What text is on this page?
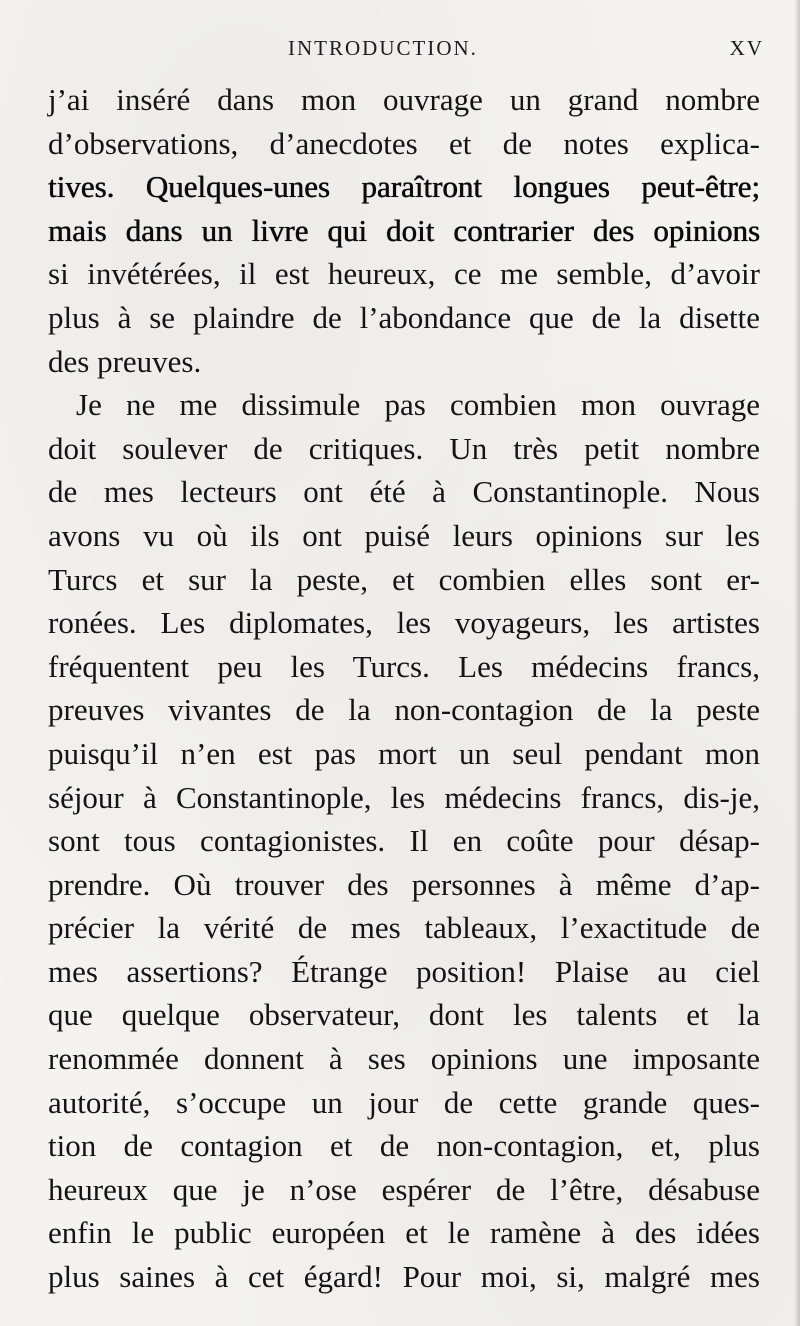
INTRODUCTION.	XV
j’ai inséré dans mon ouvrage un grand nombre
d’observations, d’anecdotes et de notes explica-
tives. Quelques-unes paraîtront longues peut-être;
mais dans un livre qui doit contrarier des opinions
si invétérées, il est heureux, ce me semble, d’avoir
plus à se plaindre de l’abondance que de la disette
des preuves.
Je ne me dissimule pas combien mon ouvrage
doit soulever de critiques. Un très petit nombre
de mes lecteurs ont été à Constantinople. Nous
avons vu où ils ont puisé leurs opinions sur les
Turcs et sur la peste, et combien elles sont er-
ronées. Les diplomates, les voyageurs, les artistes
fréquentent peu les Turcs. Les médecins francs,
preuves vivantes de la non-contagion de la peste
puisqu’il n’en est pas mort un seul pendant mon
séjour à Constantinople, les médecins francs, dis-je,
sont tous contagionistes. Il en coûte pour désap-
prendre. Où trouver des personnes à même d’ap-
précier la vérité de mes tableaux, l’exactitude de
mes assertions? Étrange position! Plaise au ciel
que quelque observateur, dont les talents et la
renommée donnent à ses opinions une imposante
autorité, s’occupe un jour de cette grande ques-
tion de contagion et de non-contagion, et, plus
heureux que je n’ose espérer de l’être, désabuse
enfin le public européen et le ramène à des idées
plus saines à cet égard! Pour moi, si, malgré mes
